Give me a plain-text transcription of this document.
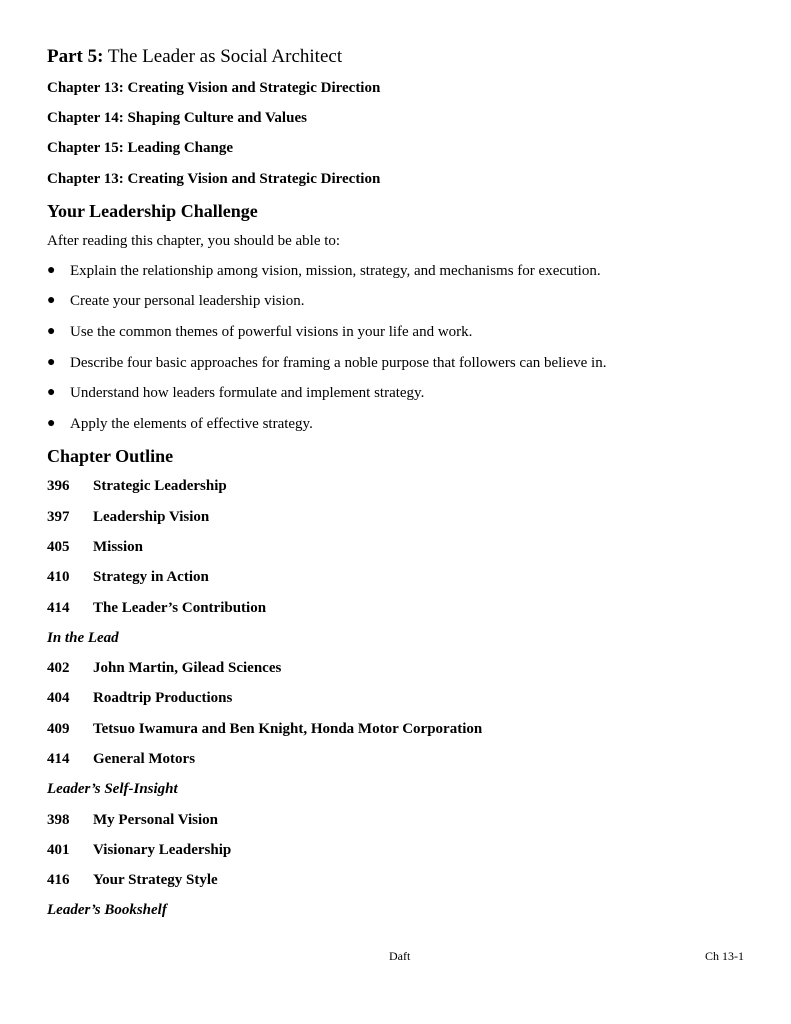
Part 5: The Leader as Social Architect
Chapter 13: Creating Vision and Strategic Direction
Chapter 14: Shaping Culture and Values
Chapter 15: Leading Change
Chapter 13: Creating Vision and Strategic Direction
Your Leadership Challenge
After reading this chapter, you should be able to:
● Explain the relationship among vision, mission, strategy, and mechanisms for execution.
● Create your personal leadership vision.
● Use the common themes of powerful visions in your life and work.
● Describe four basic approaches for framing a noble purpose that followers can believe in.
● Understand how leaders formulate and implement strategy.
● Apply the elements of effective strategy.
Chapter Outline
396	Strategic Leadership
397	Leadership Vision
405	Mission
410	Strategy in Action
414	The Leader’s Contribution
In the Lead
402	John Martin, Gilead Sciences
404	Roadtrip Productions
409	Tetsuo Iwamura and Ben Knight, Honda Motor Corporation
414	General Motors
Leader’s Self-Insight
398	My Personal Vision
401	Visionary Leadership
416	Your Strategy Style
Leader’s Bookshelf
Daft	Ch 13-1
